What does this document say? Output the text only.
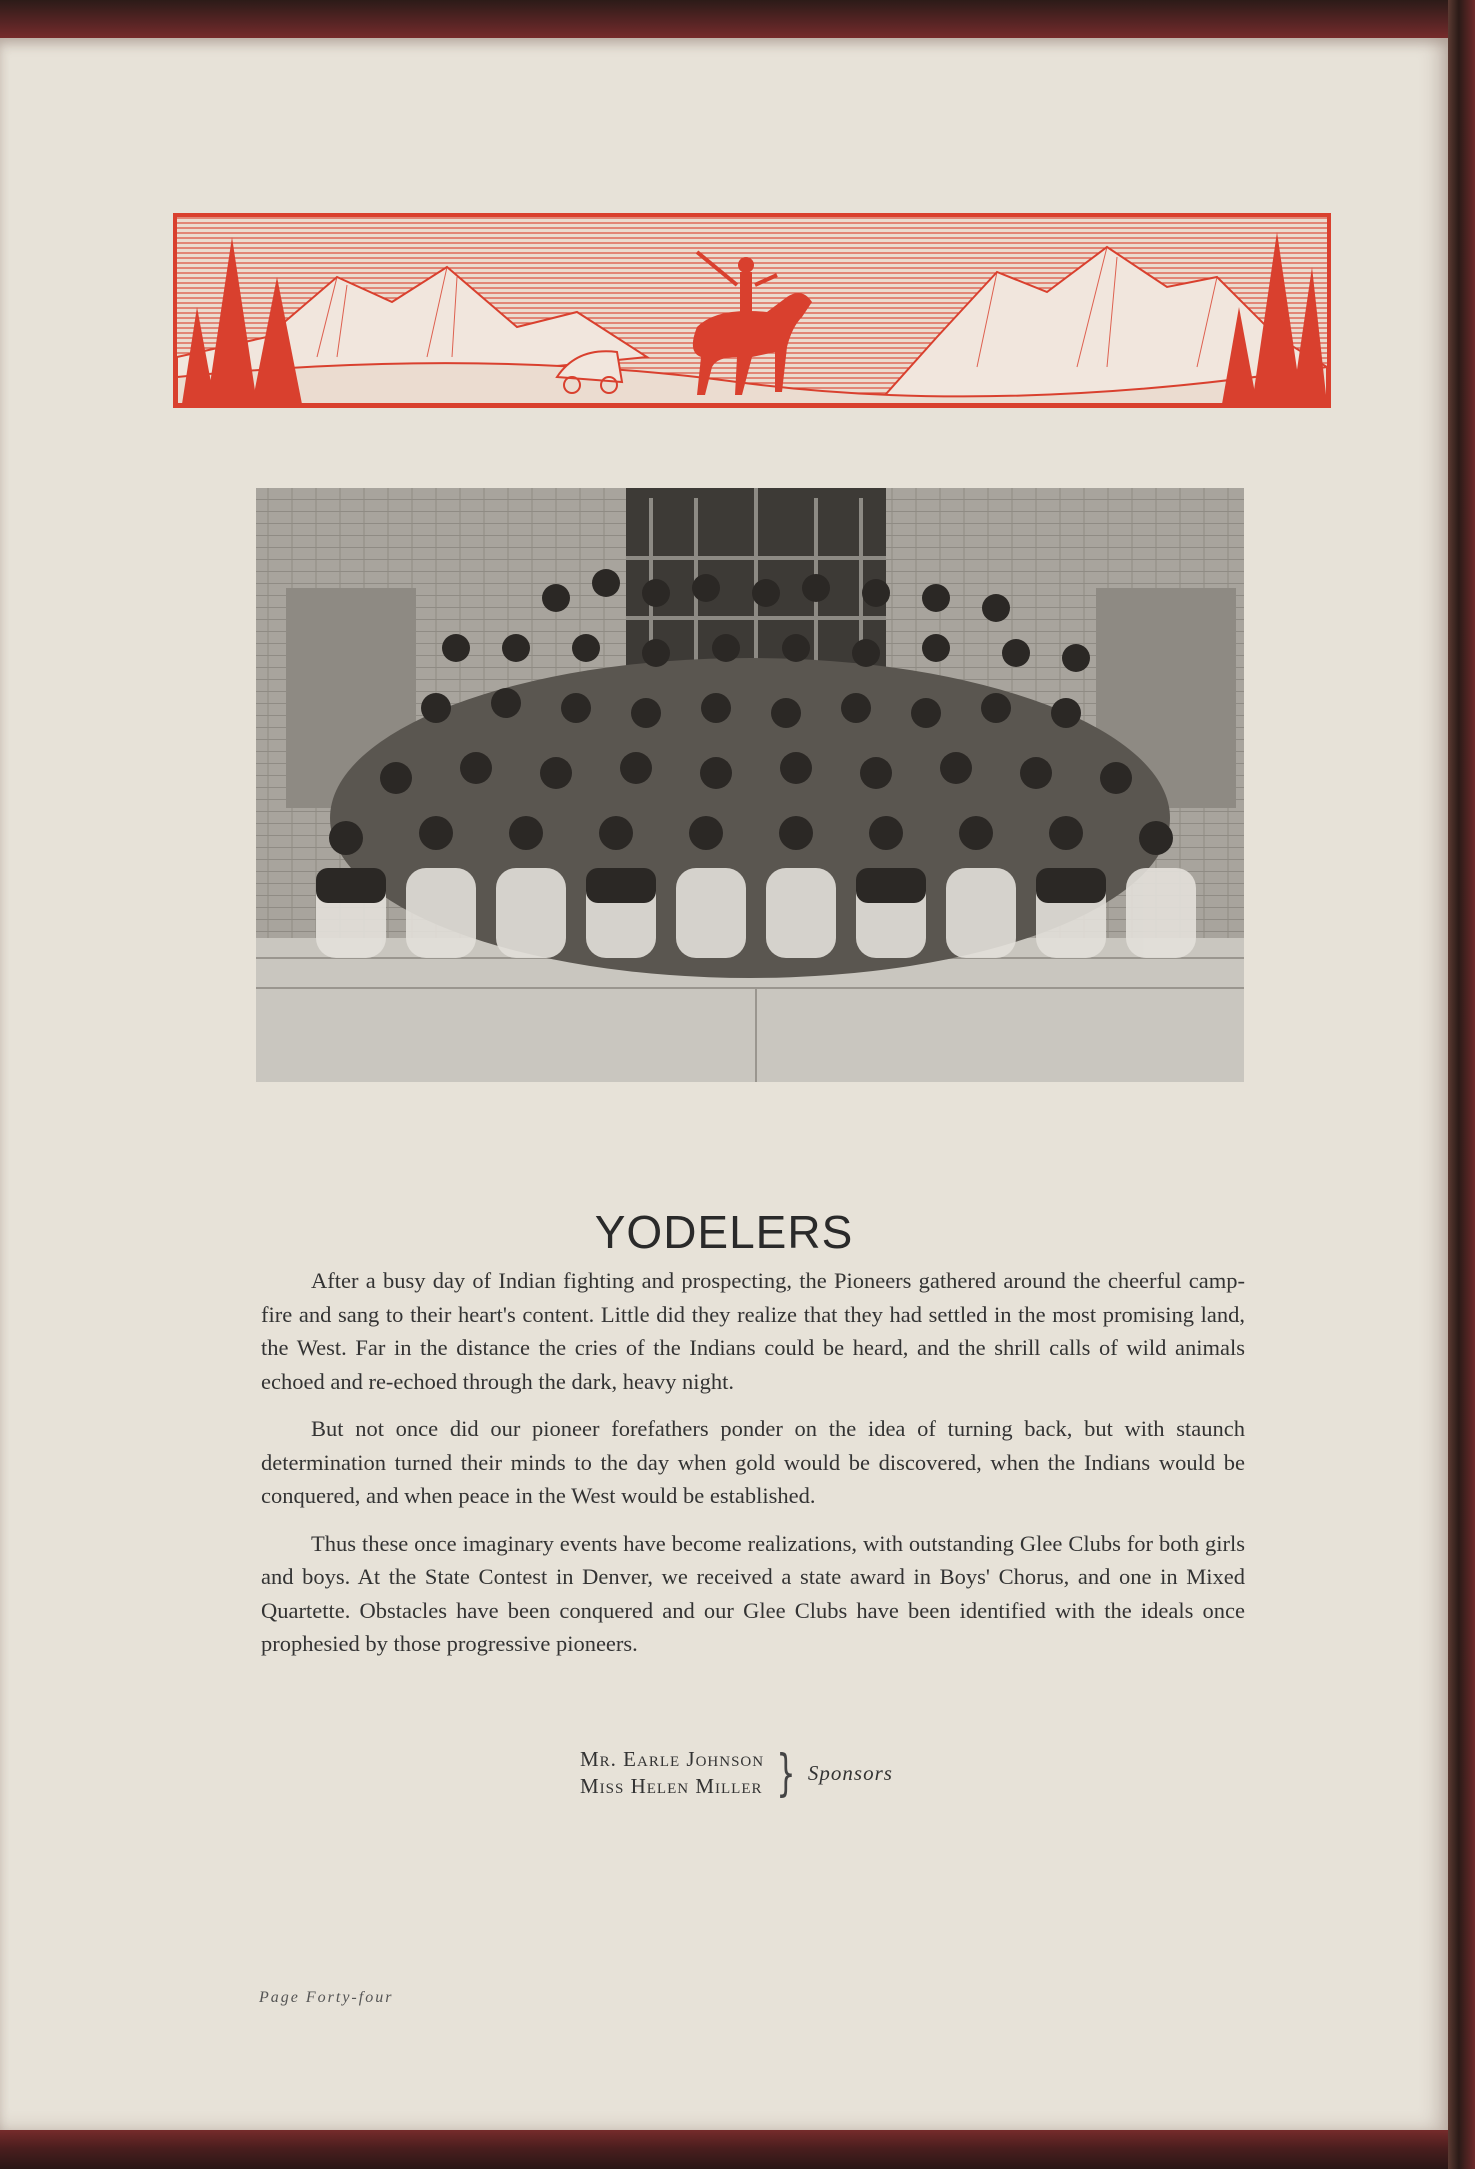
YODELERS

After a busy day of Indian fighting and prospecting, the Pioneers gathered around the cheerful camp-fire and sang to their heart's content. Little did they realize that they had settled in the most promising land, the West. Far in the distance the cries of the Indians could be heard, and the shrill calls of wild animals echoed and re-echoed through the dark, heavy night.

But not once did our pioneer forefathers ponder on the idea of turning back, but with staunch determination turned their minds to the day when gold would be discovered, when the Indians would be conquered, and when peace in the West would be established.

Thus these once imaginary events have become realizations, with outstanding Glee Clubs for both girls and boys. At the State Contest in Denver, we received a state award in Boys' Chorus, and one in Mixed Quartette. Obstacles have been conquered and our Glee Clubs have been identified with the ideals once prophesied by those progressive pioneers.

Mr. Earle Johnson
Miss Helen Miller } Sponsors
Page Forty-four
